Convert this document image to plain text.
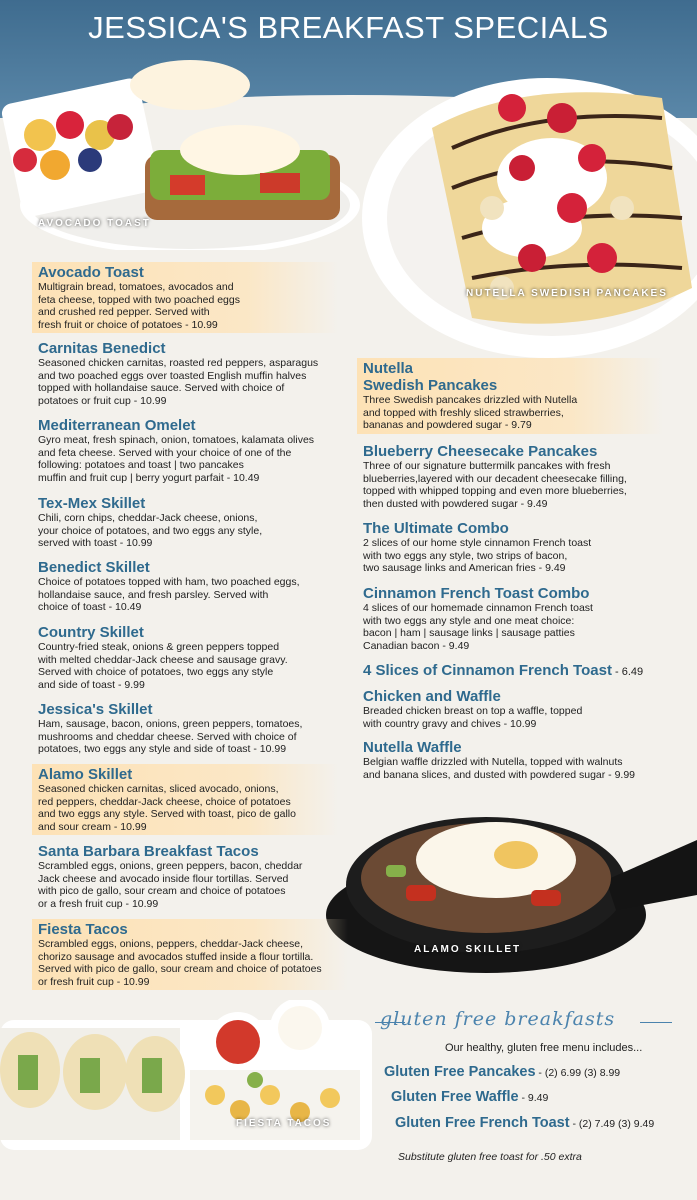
JESSICA'S BREAKFAST SPECIALS
AVOCADO TOAST
NUTELLA SWEDISH PANCAKES
ALAMO SKILLET
FIESTA TACOS
Avocado Toast

Multigrain bread, tomatoes, avocados and

feta cheese, topped with two poached eggs

and crushed red pepper. Served with

fresh fruit or choice of potatoes - 10.99

Carnitas Benedict

Seasoned chicken carnitas, roasted red peppers, asparagus

and two poached eggs over toasted English muffin halves

topped with hollandaise sauce. Served with choice of

potatoes or fruit cup - 10.99

Mediterranean Omelet

Gyro meat, fresh spinach, onion, tomatoes, kalamata olives

and feta cheese. Served with your choice of one of the

following: potatoes and toast | two pancakes

muffin and fruit cup | berry yogurt parfait - 10.49

Tex-Mex Skillet

Chili, corn chips, cheddar-Jack cheese, onions,

your choice of potatoes, and two eggs any style,

served with toast - 10.99

Benedict Skillet

Choice of potatoes topped with ham, two poached eggs,

hollandaise sauce, and fresh parsley. Served with

choice of toast - 10.49

Country Skillet

Country-fried steak, onions & green peppers topped

with melted cheddar-Jack cheese and sausage gravy.

Served with choice of potatoes, two eggs any style

and side of toast - 9.99

Jessica's Skillet

Ham, sausage, bacon, onions, green peppers, tomatoes,

mushrooms and cheddar cheese. Served with choice of

potatoes, two eggs any style and side of toast - 10.99

Alamo Skillet

Seasoned chicken carnitas, sliced avocado, onions,

red peppers, cheddar-Jack cheese, choice of potatoes

and two eggs any style. Served with toast, pico de gallo

and sour cream - 10.99

Santa Barbara Breakfast Tacos

Scrambled eggs, onions, green peppers, bacon, cheddar

Jack cheese and avocado inside flour tortillas. Served

with pico de gallo, sour cream and choice of potatoes

or a fresh fruit cup - 10.99

Fiesta Tacos

Scrambled eggs, onions, peppers, cheddar-Jack cheese,

chorizo sausage and avocados stuffed inside a flour tortilla.

Served with pico de gallo, sour cream and choice of potatoes

or fresh fruit cup - 10.99

Nutella
Swedish Pancakes

Three Swedish pancakes drizzled with Nutella

and topped with freshly sliced strawberries,

bananas and powdered sugar - 9.79

Blueberry Cheesecake Pancakes

Three of our signature buttermilk pancakes with fresh

blueberries,layered with our decadent cheesecake filling,

topped with whipped topping and even more blueberries,

then dusted with powdered sugar - 9.49

The Ultimate Combo

2 slices of our home style cinnamon French toast

with two eggs any style, two strips of bacon,

two sausage links and American fries - 9.49

Cinnamon French Toast Combo

4 slices of our homemade cinnamon French toast

with two eggs any style and one meat choice:

bacon | ham | sausage links | sausage patties

Canadian bacon - 9.49

4 Slices of Cinnamon French Toast - 6.49
Chicken and Waffle

Breaded chicken breast on top a waffle, topped

with country gravy and chives - 10.99

Nutella Waffle

Belgian waffle drizzled with Nutella, topped with walnuts

and banana slices, and dusted with powdered sugar - 9.99

gluten free breakfasts
Our healthy, gluten free menu includes...
Gluten Free Pancakes - (2) 6.99 (3) 8.99
Gluten Free Waffle - 9.49
Gluten Free French Toast - (2) 7.49 (3) 9.49
Substitute gluten free toast for .50 extra
